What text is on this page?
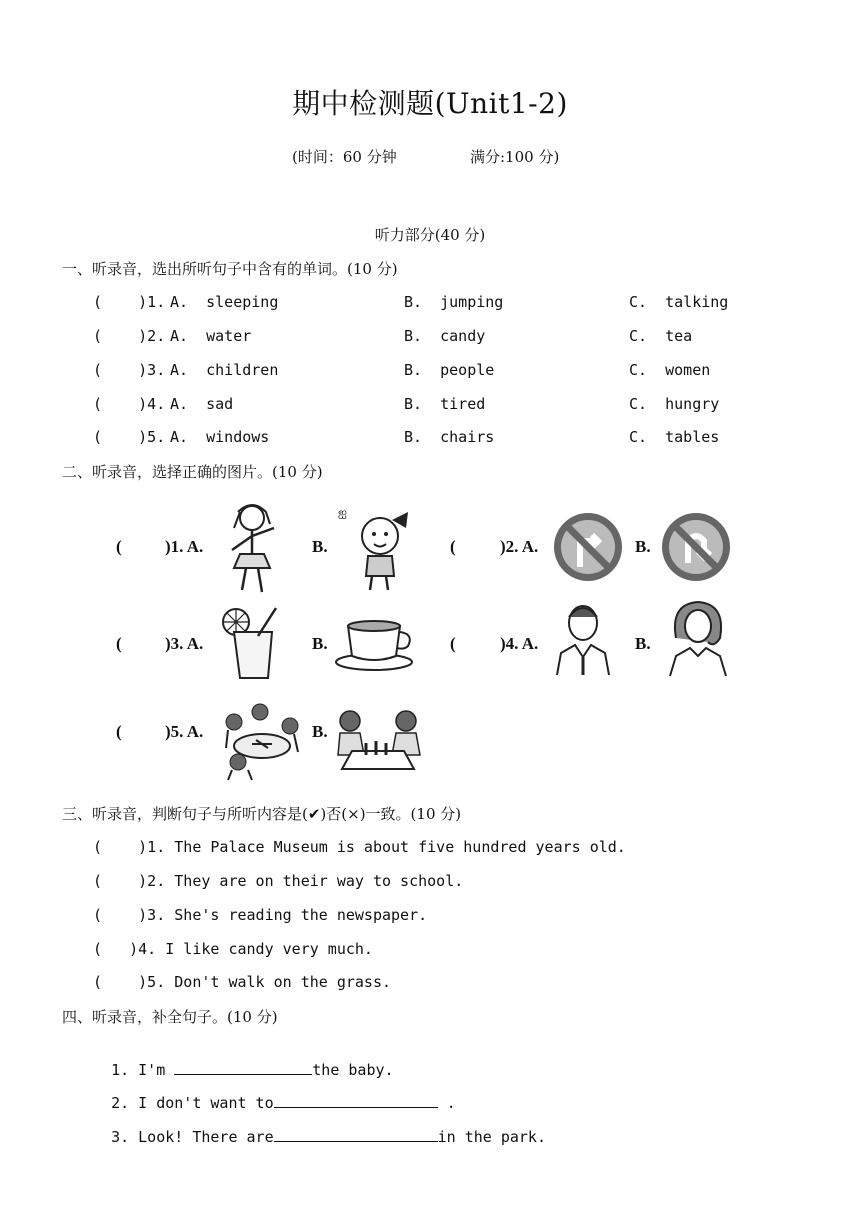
期中检测题(Unit1-2)
(时间：60 分钟	满分:100 分)
听力部分(40 分)
一、听录音，选出所听句子中含有的单词。(10 分)
(    )1. A.  sleeping	B.  jumping	C.  talking
(    )2. A.  water	B.  candy	C.  tea
(    )3. A.  children	B.  people	C.  women
(    )4. A.  sad	B.  tired	C.  hungry
(    )5. A.  windows	B.  chairs	C.  tables
二、听录音，选择正确的图片。(10 分)
(	)1. A.	B.
ஐ
(	)2. A.	B.
(	)3. A.	B.	(	)4. A.	B.
(	)5. A.	B.
三、听录音，判断句子与所听内容是(✔)否(×)一致。(10 分)
(    )1. The Palace Museum is about five hundred years old.
(    )2. They are on their way to school.
(    )3. She's reading the newspaper.
(   )4. I like candy very much.
(    )5. Don't walk on the grass.
四、听录音，补全句子。(10 分)

1. I'm	the baby.

2. I don't want to	.

3. Look! There are	in the park.
